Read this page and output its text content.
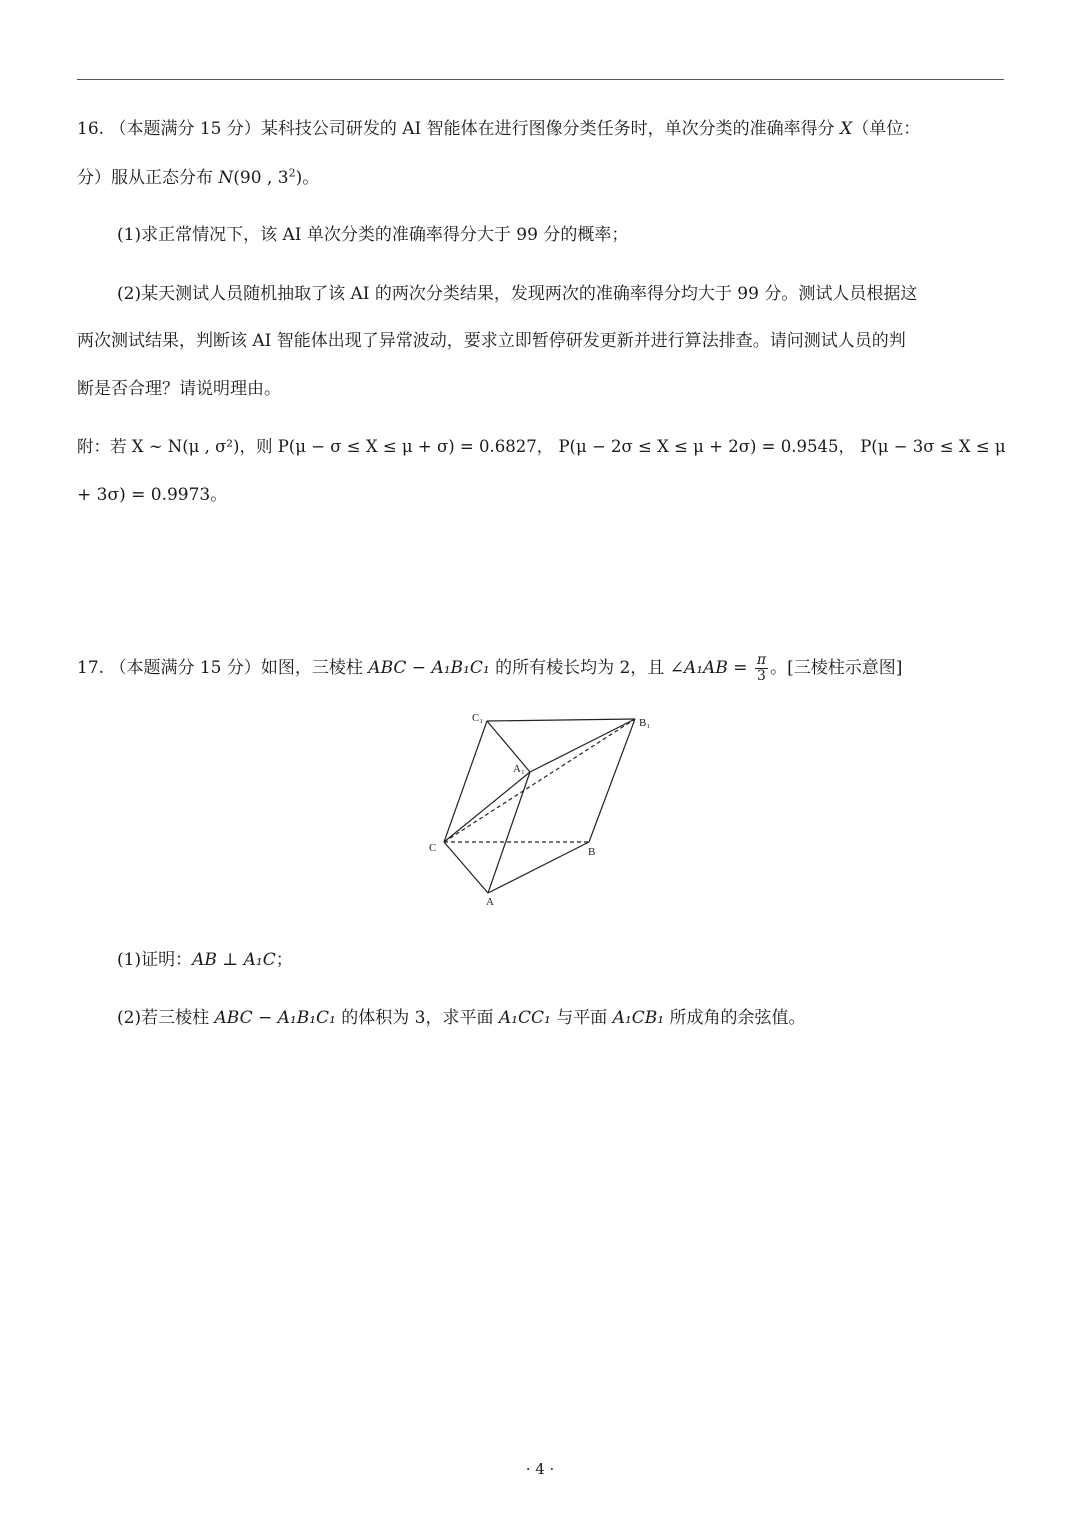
16. （本题满分 15 分）某科技公司研发的 AI 智能体在进行图像分类任务时，单次分类的准确率得分 X（单位：
分）服从正态分布 N(90 , $3^2$)。
(1)求正常情况下，该 AI 单次分类的准确率得分大于 99 分的概率；
(2)某天测试人员随机抽取了该 AI 的两次分类结果，发现两次的准确率得分均大于 99 分。测试人员根据这
两次测试结果，判断该 AI 智能体出现了异常波动，要求立即暂停研发更新并进行算法排查。请问测试人员的判
断是否合理？请说明理由。
附：若 X ∼ N(μ , σ²)，则 P(μ − σ ≤ X ≤ μ + σ) = 0.6827， P(μ − 2σ ≤ X ≤ μ + 2σ) = 0.9545， P(μ − 3σ ≤ X ≤ μ
+ 3σ) = 0.9973。
17. （本题满分 15 分）如图，三棱柱 ABC − A₁B₁C₁ 的所有棱长均为 2，且 ∠A₁AB = $\frac{\pi}{3}$ 。[三棱柱示意图]
C₁	B₁
A₁
C	B
A
(1)证明：AB ⊥ A₁C；
(2)若三棱柱 ABC − A₁B₁C₁ 的体积为 3，求平面 A₁CC₁ 与平面 A₁CB₁ 所成角的余弦值。
· 4 ·
